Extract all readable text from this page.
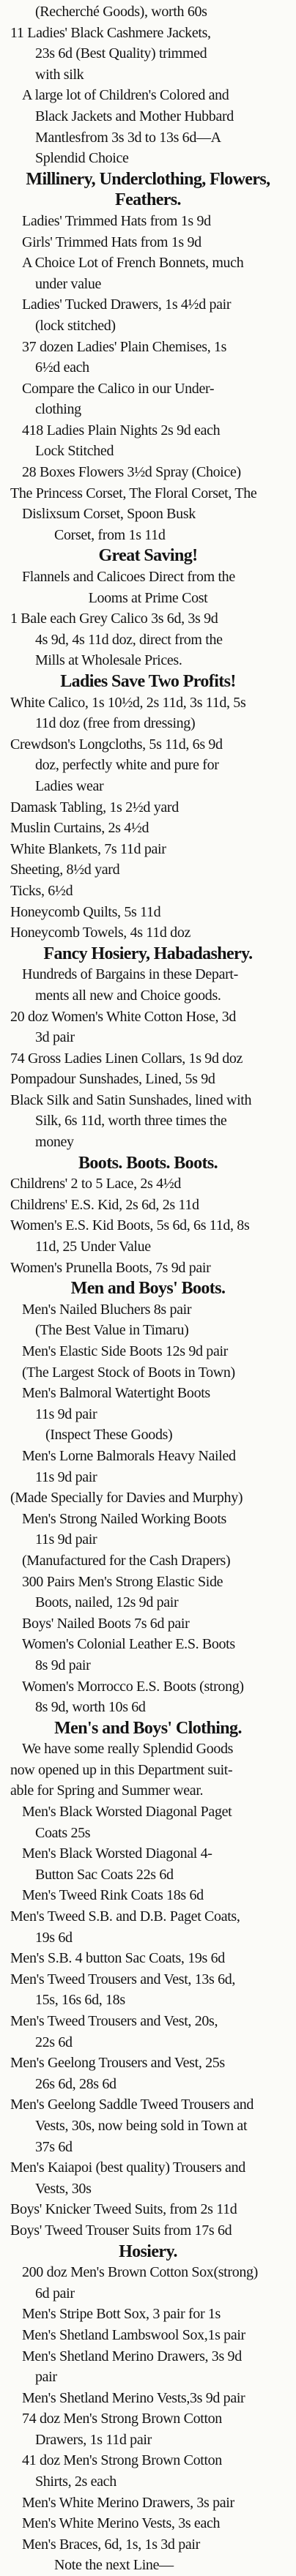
(Recherché Goods), worth 60s
11 Ladies' Black Cashmere Jackets,
23s 6d (Best Quality) trimmed
with silk
A large lot of Children's Colored and
Black Jackets and Mother Hubbard
Mantlesfrom 3s 3d to 13s 6d—A
Splendid Choice
Millinery, Underclothing, Flowers,
Feathers.
Ladies' Trimmed Hats from 1s 9d
Girls' Trimmed Hats from 1s 9d
A Choice Lot of French Bonnets, much
under value
Ladies' Tucked Drawers, 1s 4½d pair
(lock stitched)
37 dozen Ladies' Plain Chemises, 1s
6½d each
Compare the Calico in our Under-
clothing
418 Ladies Plain Nights 2s 9d each
Lock Stitched
28 Boxes Flowers 3½d Spray (Choice)
The Princess Corset, The Floral Corset, The
Dislixsum Corset, Spoon Busk
Corset, from 1s 11d
Great Saving!
Flannels and Calicoes Direct from the
Looms at Prime Cost
1 Bale each Grey Calico 3s 6d, 3s 9d
4s 9d, 4s 11d doz, direct from the
Mills at Wholesale Prices.
Ladies Save Two Profits!
White Calico, 1s 10½d, 2s 11d, 3s 11d, 5s
11d doz (free from dressing)
Crewdson's Longcloths, 5s 11d, 6s 9d
doz, perfectly white and pure for
Ladies wear
Damask Tabling, 1s 2½d yard
Muslin Curtains, 2s 4½d
White Blankets, 7s 11d pair
Sheeting, 8½d yard
Ticks, 6½d
Honeycomb Quilts, 5s 11d
Honeycomb Towels, 4s 11d doz
Fancy Hosiery, Habadashery.
Hundreds of Bargains in these Depart-
ments all new and Choice goods.
20 doz Women's White Cotton Hose, 3d
3d pair
74 Gross Ladies Linen Collars, 1s 9d doz
Pompadour Sunshades, Lined, 5s 9d
Black Silk and Satin Sunshades, lined with
Silk, 6s 11d, worth three times the
money
Boots. Boots. Boots.
Childrens' 2 to 5 Lace, 2s 4½d
Childrens' E.S. Kid, 2s 6d, 2s 11d
Women's E.S. Kid Boots, 5s 6d, 6s 11d, 8s
11d, 25 Under Value
Women's Prunella Boots, 7s 9d pair
Men and Boys' Boots.
Men's Nailed Bluchers 8s pair
(The Best Value in Timaru)
Men's Elastic Side Boots 12s 9d pair
(The Largest Stock of Boots in Town)
Men's Balmoral Watertight Boots
11s 9d pair
(Inspect These Goods)
Men's Lorne Balmorals Heavy Nailed
11s 9d pair
(Made Specially for Davies and Murphy)
Men's Strong Nailed Working Boots
11s 9d pair
(Manufactured for the Cash Drapers)
300 Pairs Men's Strong Elastic Side
Boots, nailed, 12s 9d pair
Boys' Nailed Boots 7s 6d pair
Women's Colonial Leather E.S. Boots
8s 9d pair
Women's Morrocco E.S. Boots (strong)
8s 9d, worth 10s 6d
Men's and Boys' Clothing.
We have some really Splendid Goods
now opened up in this Department suit-
able for Spring and Summer wear.
Men's Black Worsted Diagonal Paget
Coats 25s
Men's Black Worsted Diagonal 4-
Button Sac Coats 22s 6d
Men's Tweed Rink Coats 18s 6d
Men's Tweed S.B. and D.B. Paget Coats,
19s 6d
Men's S.B. 4 button Sac Coats, 19s 6d
Men's Tweed Trousers and Vest, 13s 6d,
15s, 16s 6d, 18s
Men's Tweed Trousers and Vest, 20s,
22s 6d
Men's Geelong Trousers and Vest, 25s
26s 6d, 28s 6d
Men's Geelong Saddle Tweed Trousers and
Vests, 30s, now being sold in Town at
37s 6d
Men's Kaiapoi (best quality) Trousers and
Vests, 30s
Boys' Knicker Tweed Suits, from 2s 11d
Boys' Tweed Trouser Suits from 17s 6d
Hosiery.
200 doz Men's Brown Cotton Sox(strong)
6d pair
Men's Stripe Bott Sox, 3 pair for 1s
Men's Shetland Lambswool Sox,1s pair
Men's Shetland Merino Drawers, 3s 9d
pair
Men's Shetland Merino Vests,3s 9d pair
74 doz Men's Strong Brown Cotton
Drawers, 1s 11d pair
41 doz Men's Strong Brown Cotton
Shirts, 2s each
Men's White Merino Drawers, 3s pair
Men's White Merino Vests, 3s each
Men's Braces, 6d, 1s, 1s 3d pair
Note the next Line—
